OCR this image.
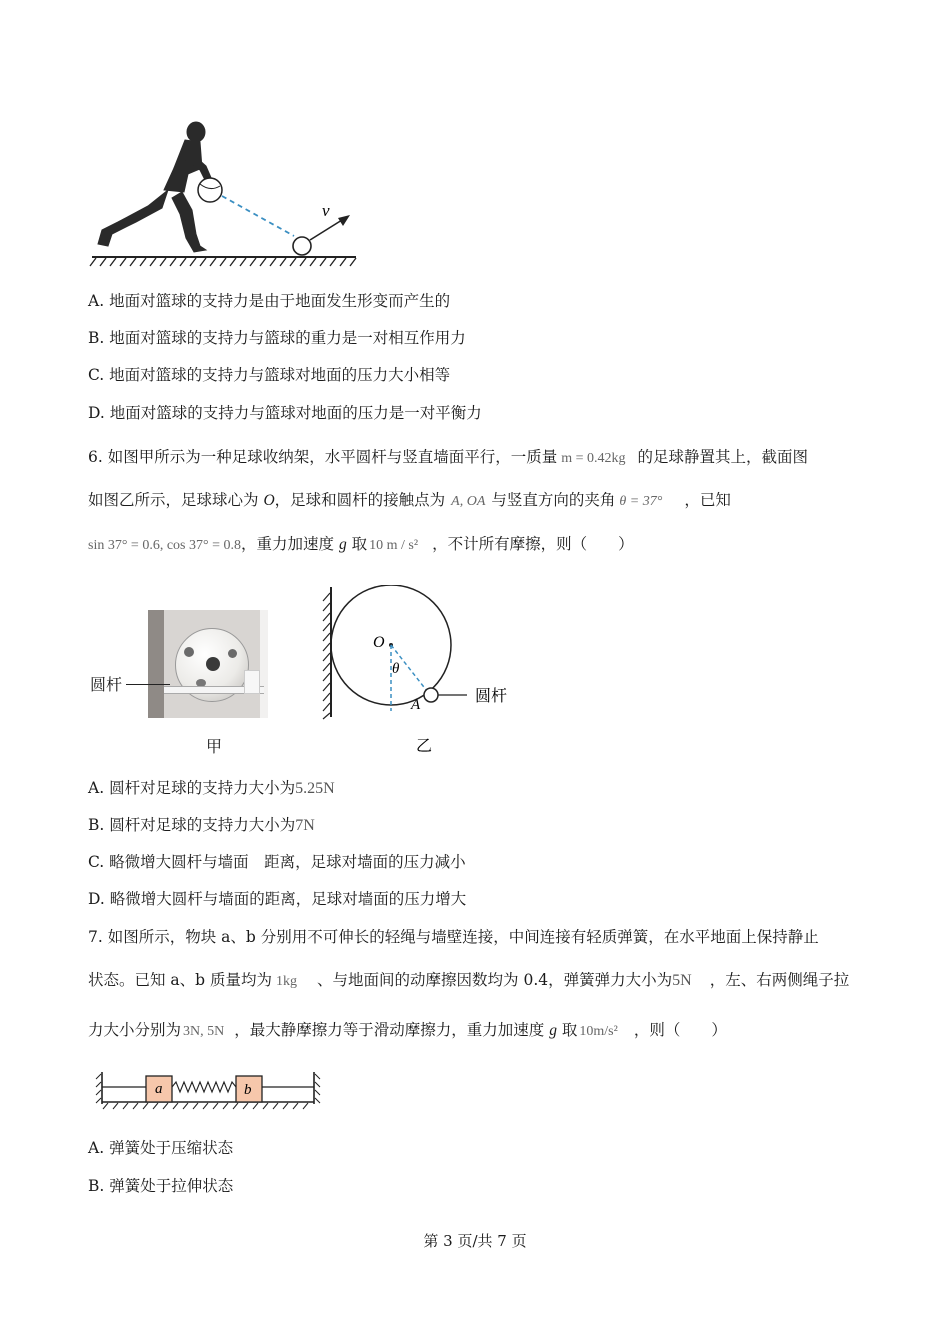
v
A. 地面对篮球的支持力是由于地面发生形变而产生的
B. 地面对篮球的支持力与篮球的重力是一对相互作用力
C. 地面对篮球的支持力与篮球对地面的压力大小相等
D. 地面对篮球的支持力与篮球对地面的压力是一对平衡力
6. 如图甲所示为一种足球收纳架，水平圆杆与竖直墙面平行，一质量 m = 0.42kg 的足球静置其上，截面图
如图乙所示，足球球心为 O，足球和圆杆的接触点为 A, OA 与竖直方向的夹角 θ = 37° ，已知
sin 37° = 0.6, cos 37° = 0.8，重力加速度 g 取 10 m / s² ，不计所有摩擦，则（　　）
圆杆
甲
O
θ
A	圆杆
乙
A. 圆杆对足球的支持力大小为5.25N
B. 圆杆对足球的支持力大小为7N
C. 略微增大圆杆与墙面　距离，足球对墙面的压力减小
D. 略微增大圆杆与墙面的距离，足球对墙面的压力增大
7. 如图所示，物块 a、b 分别用不可伸长的轻绳与墙壁连接，中间连接有轻质弹簧，在水平地面上保持静止
状态。已知 a、b 质量均为 1kg 、与地面间的动摩擦因数均为 0.4，弹簧弹力大小为5N ，左、右两侧绳子拉
力大小分别为 3N, 5N ，最大静摩擦力等于滑动摩擦力，重力加速度 g 取 10m/s² ，则（　　）
a	b
A. 弹簧处于压缩状态
B. 弹簧处于拉伸状态
第 3 页/共 7 页
